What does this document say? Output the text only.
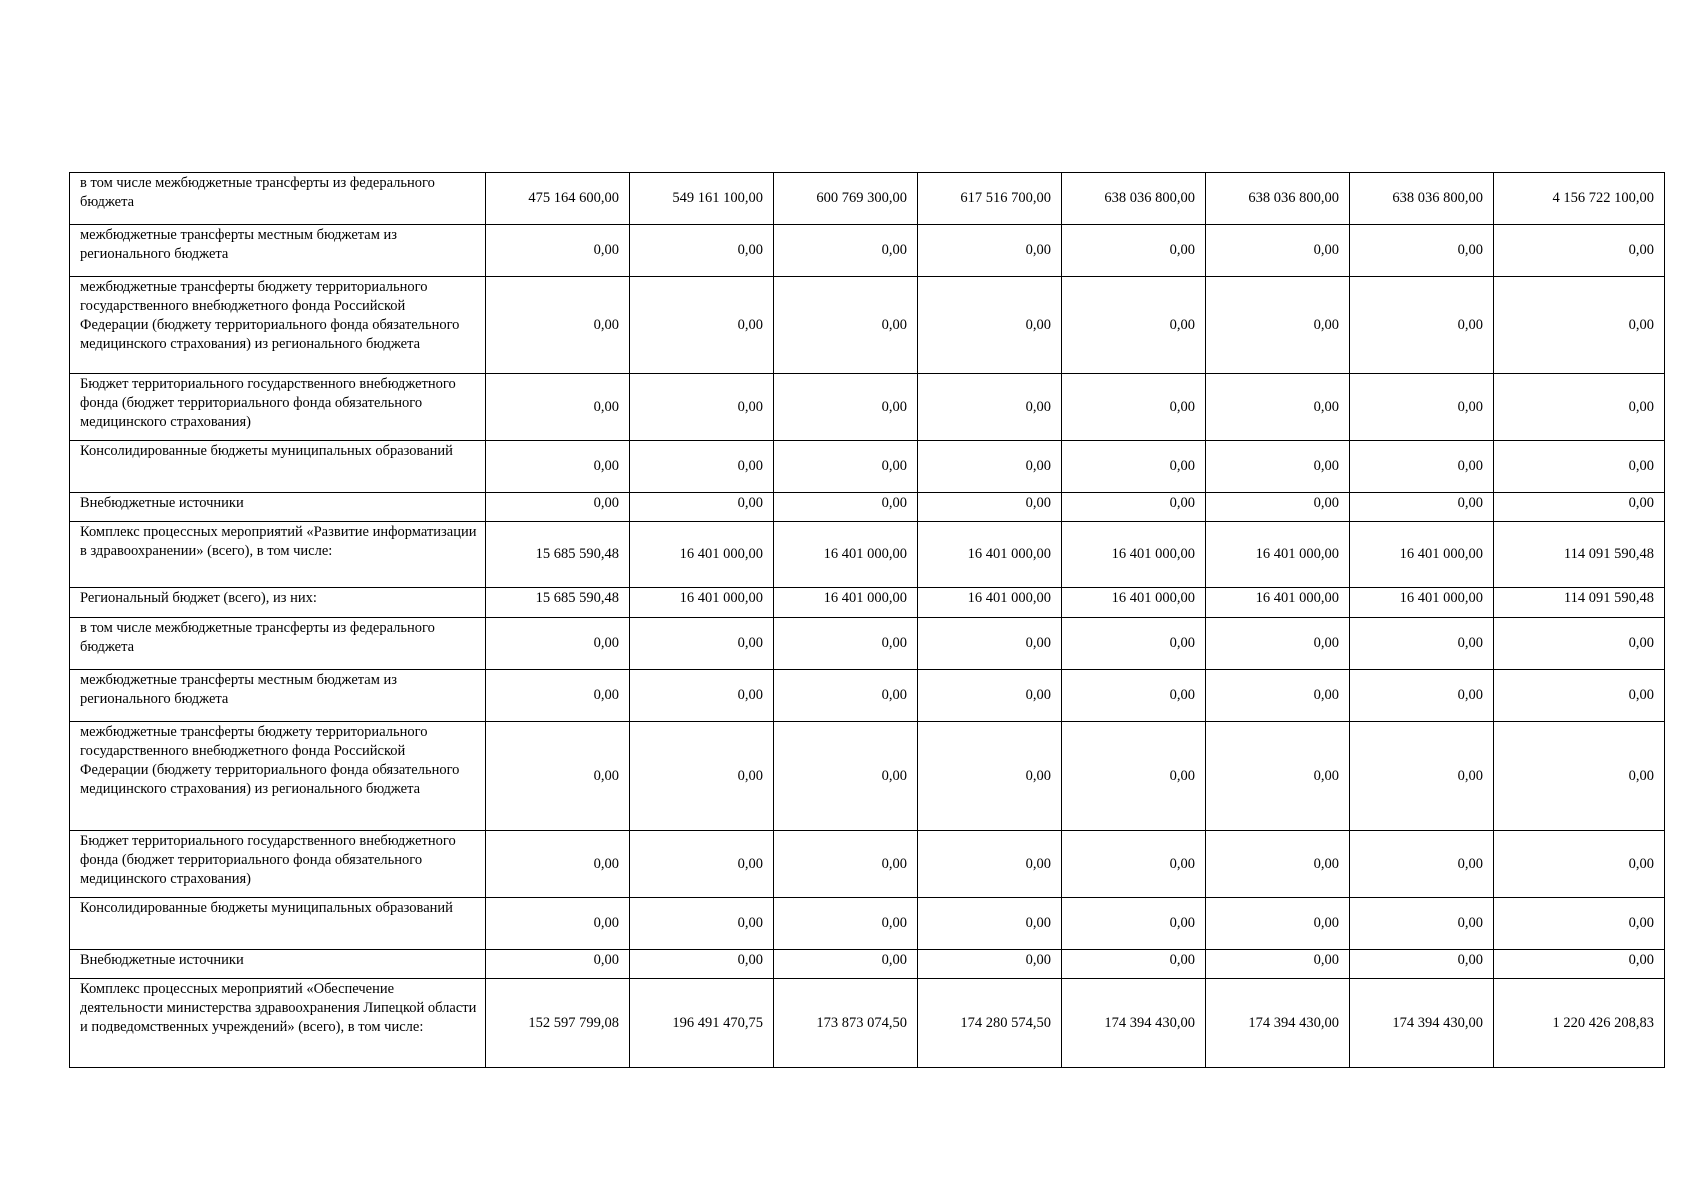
в том числе межбюджетные трансферты из федерального бюджета	475 164 600,00	549 161 100,00	600 769 300,00	617 516 700,00	638 036 800,00	638 036 800,00	638 036 800,00	4 156 722 100,00
межбюджетные трансферты местным бюджетам из регионального бюджета	0,00	0,00	0,00	0,00	0,00	0,00	0,00	0,00
межбюджетные трансферты бюджету территориального государственного внебюджетного фонда Российской Федерации (бюджету территориального фонда обязательного медицинского страхования) из регионального бюджета	0,00	0,00	0,00	0,00	0,00	0,00	0,00	0,00
Бюджет территориального государственного внебюджетного фонда (бюджет территориального фонда обязательного медицинского страхования)	0,00	0,00	0,00	0,00	0,00	0,00	0,00	0,00
Консолидированные бюджеты муниципальных образований	0,00	0,00	0,00	0,00	0,00	0,00	0,00	0,00
Внебюджетные источники	0,00	0,00	0,00	0,00	0,00	0,00	0,00	0,00
Комплекс процессных мероприятий «Развитие информатизации в здравоохранении» (всего), в том числе:	15 685 590,48	16 401 000,00	16 401 000,00	16 401 000,00	16 401 000,00	16 401 000,00	16 401 000,00	114 091 590,48
Региональный бюджет (всего), из них:	15 685 590,48	16 401 000,00	16 401 000,00	16 401 000,00	16 401 000,00	16 401 000,00	16 401 000,00	114 091 590,48
в том числе межбюджетные трансферты из федерального бюджета	0,00	0,00	0,00	0,00	0,00	0,00	0,00	0,00
межбюджетные трансферты местным бюджетам из регионального бюджета	0,00	0,00	0,00	0,00	0,00	0,00	0,00	0,00
межбюджетные трансферты бюджету территориального государственного внебюджетного фонда Российской Федерации (бюджету территориального фонда обязательного медицинского страхования) из регионального бюджета	0,00	0,00	0,00	0,00	0,00	0,00	0,00	0,00
Бюджет территориального государственного внебюджетного фонда (бюджет территориального фонда обязательного медицинского страхования)	0,00	0,00	0,00	0,00	0,00	0,00	0,00	0,00
Консолидированные бюджеты муниципальных образований	0,00	0,00	0,00	0,00	0,00	0,00	0,00	0,00
Внебюджетные источники	0,00	0,00	0,00	0,00	0,00	0,00	0,00	0,00
Комплекс процессных мероприятий «Обеспечение деятельности министерства здравоохранения Липецкой области и подведомственных учреждений» (всего), в том числе:	152 597 799,08	196 491 470,75	173 873 074,50	174 280 574,50	174 394 430,00	174 394 430,00	174 394 430,00	1 220 426 208,83
